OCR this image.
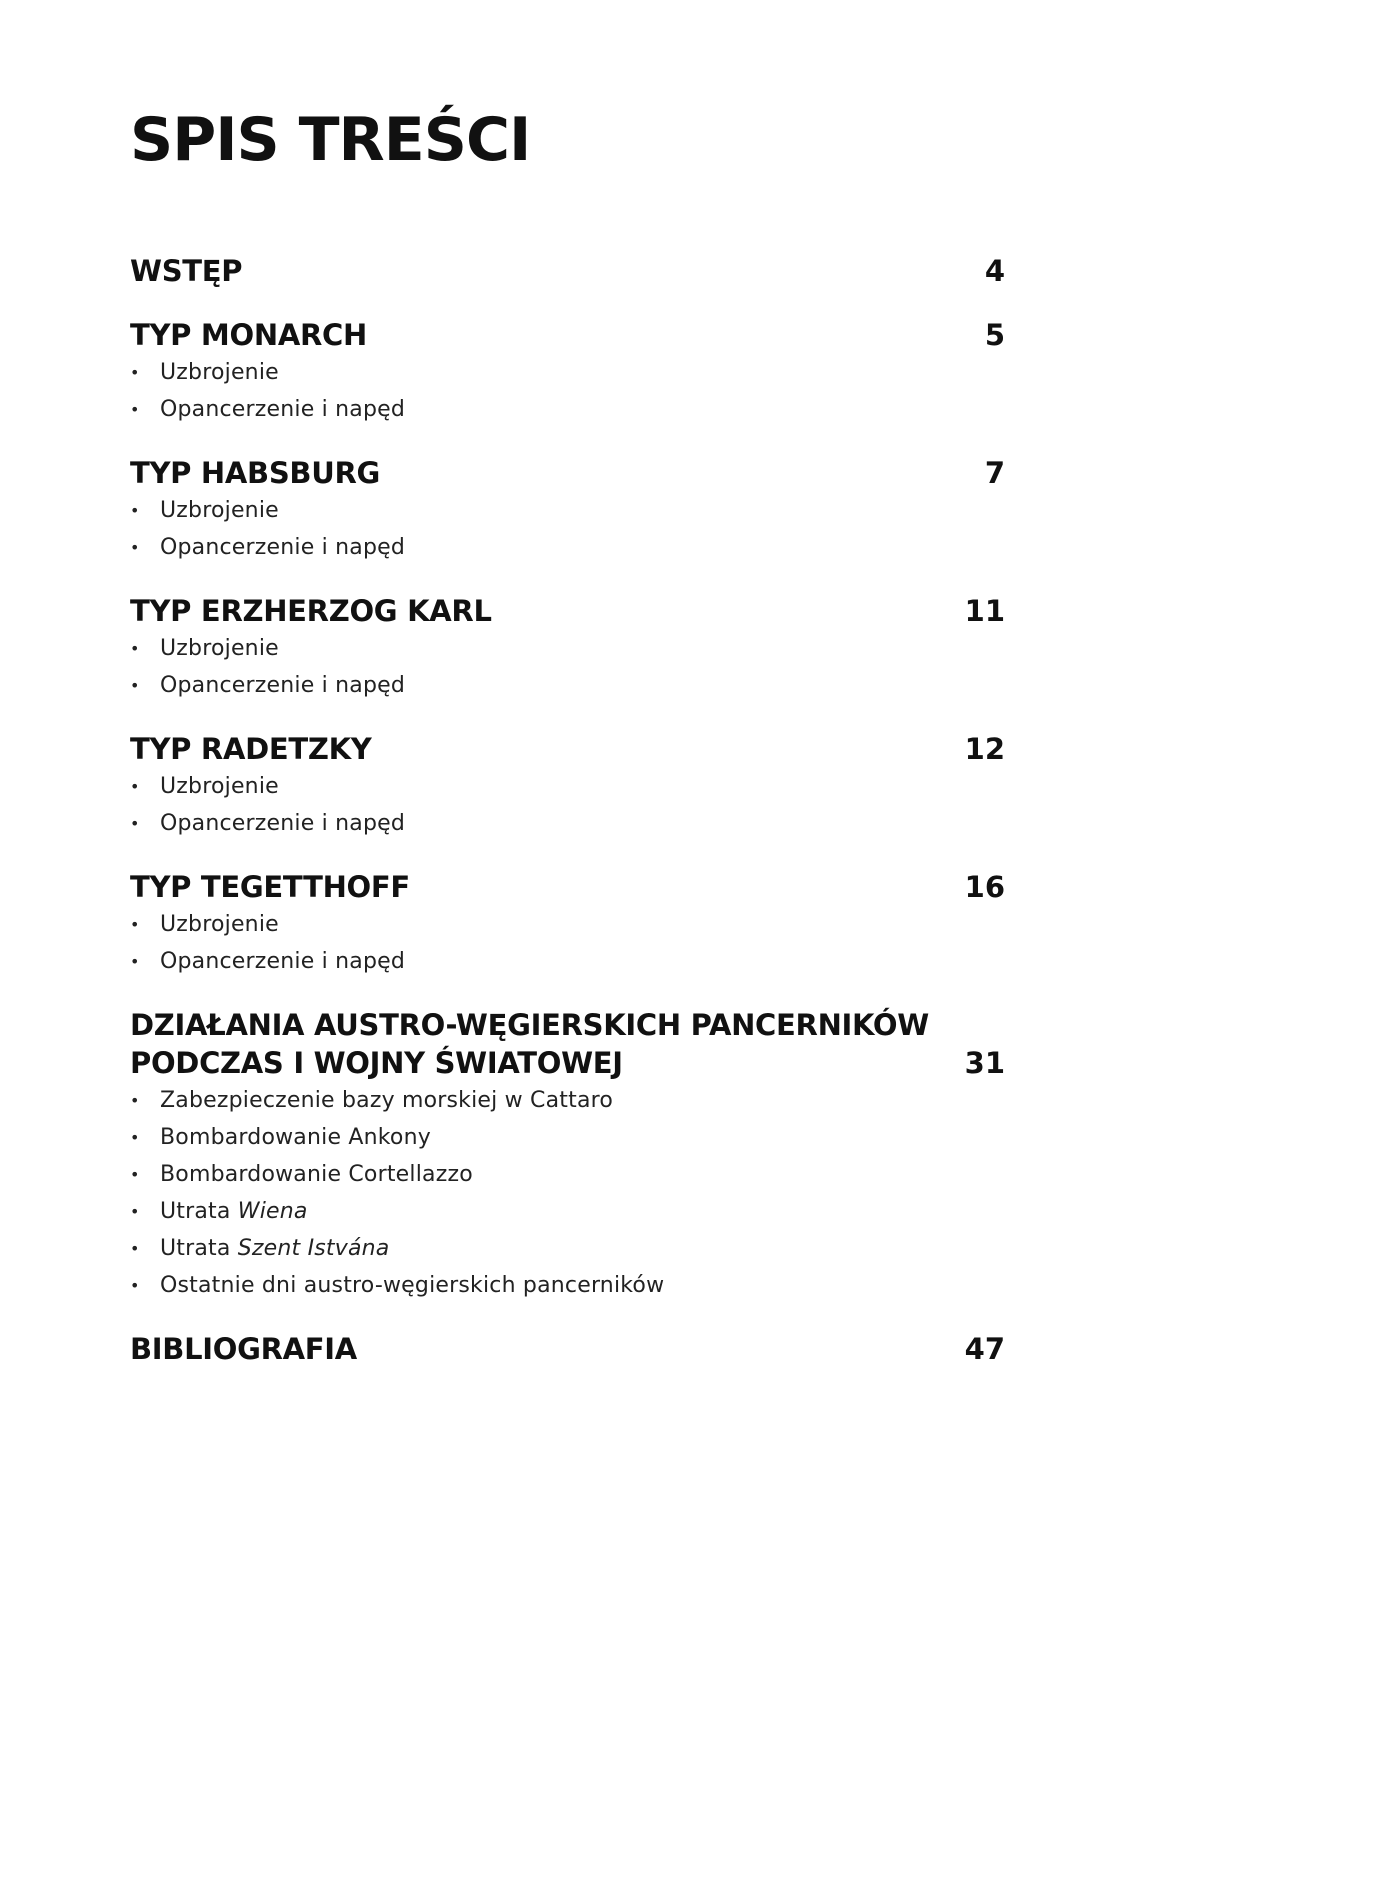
SPIS TREŚCI
WSTĘP	4
TYP MONARCH	5
• Uzbrojenie
• Opancerzenie i napęd
TYP HABSBURG	7
• Uzbrojenie
• Opancerzenie i napęd
TYP ERZHERZOG KARL	11
• Uzbrojenie
• Opancerzenie i napęd
TYP RADETZKY	12
• Uzbrojenie
• Opancerzenie i napęd
TYP TEGETTHOFF	16
• Uzbrojenie
• Opancerzenie i napęd
DZIAŁANIA AUSTRO-WĘGIERSKICH PANCERNIKÓW
PODCZAS I WOJNY ŚWIATOWEJ	31
• Zabezpieczenie bazy morskiej w Cattaro
• Bombardowanie Ankony
• Bombardowanie Cortellazzo
• Utrata Wiena
• Utrata Szent Istvána
• Ostatnie dni austro-węgierskich pancerników
BIBLIOGRAFIA	47
